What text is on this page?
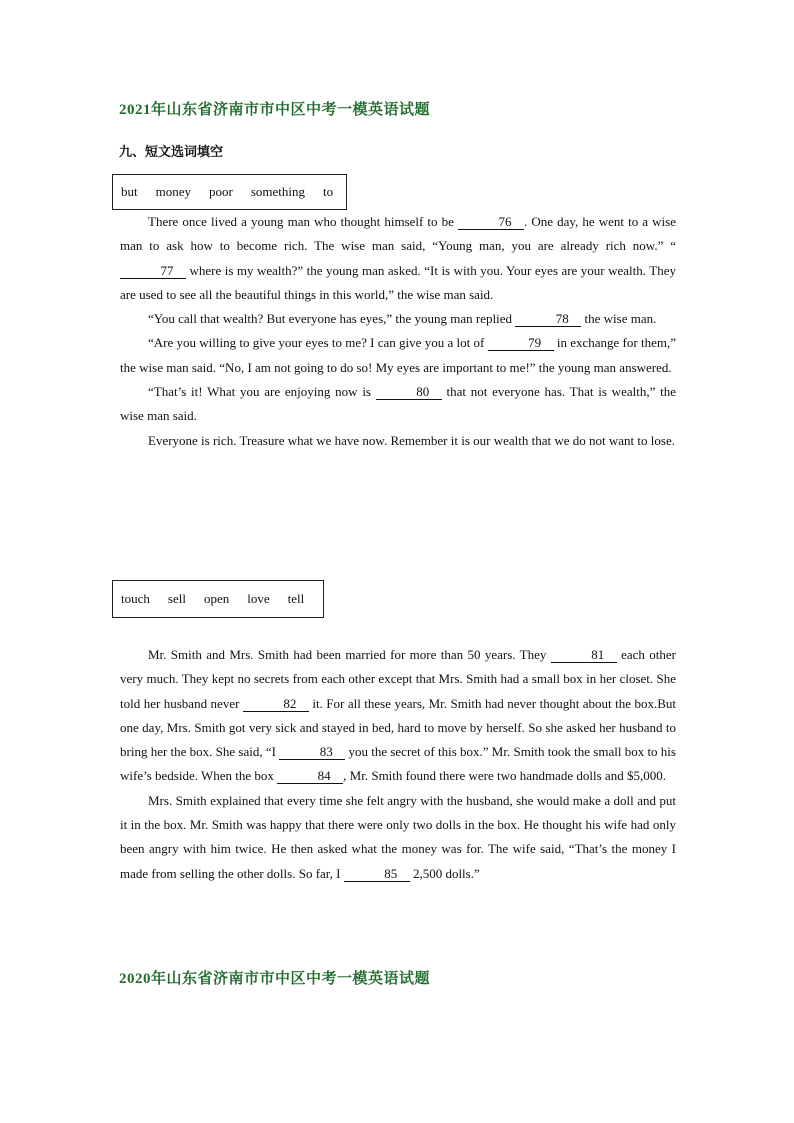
2021年山东省济南市市中区中考一模英语试题
九、短文选词填空
but money poor something to

There once lived a young man who thought himself to be	76 . One day, he went to a wise man to ask how to become rich. The wise man said, “Young man, you are already rich now.” “77 where is my wealth?” the young man asked. “It is with you. Your eyes are your wealth. They are used to see all the beautiful things in this world,” the wise man said.

“You call that wealth? But everyone has eyes,” the young man replied	78 the wise man.

“Are you willing to give your eyes to me? I can give you a lot of	79 in exchange for them,” the wise man said. “No, I am not going to do so! My eyes are important to me!” the young man answered.

“That’s it! What you are enjoying now is	80 that not everyone has. That is wealth,” the wise man said.

Everyone is rich. Treasure what we have now. Remember it is our wealth that we do not want to lose.

touch sell open love tell

Mr. Smith and Mrs. Smith had been married for more than 50 years. They	81 each other very much. They kept no secrets from each other except that Mrs. Smith had a small box in her closet. She told her husband never	82 it. For all these years, Mr. Smith had never thought about the box.But one day, Mrs. Smith got very sick and stayed in bed, hard to move by herself. So she asked her husband to bring her the box. She said, “I	83 you the secret of this box.” Mr. Smith took the small box to his wife’s bedside. When the box	84 , Mr. Smith found there were two handmade dolls and $5,000.

Mrs. Smith explained that every time she felt angry with the husband, she would make a doll and put it in the box. Mr. Smith was happy that there were only two dolls in the box. He thought his wife had only been angry with him twice. He then asked what the money was for. The wife said, “That’s the money I made from selling the other dolls. So far, I	85 2,500 dolls.”

2020年山东省济南市市中区中考一模英语试题
